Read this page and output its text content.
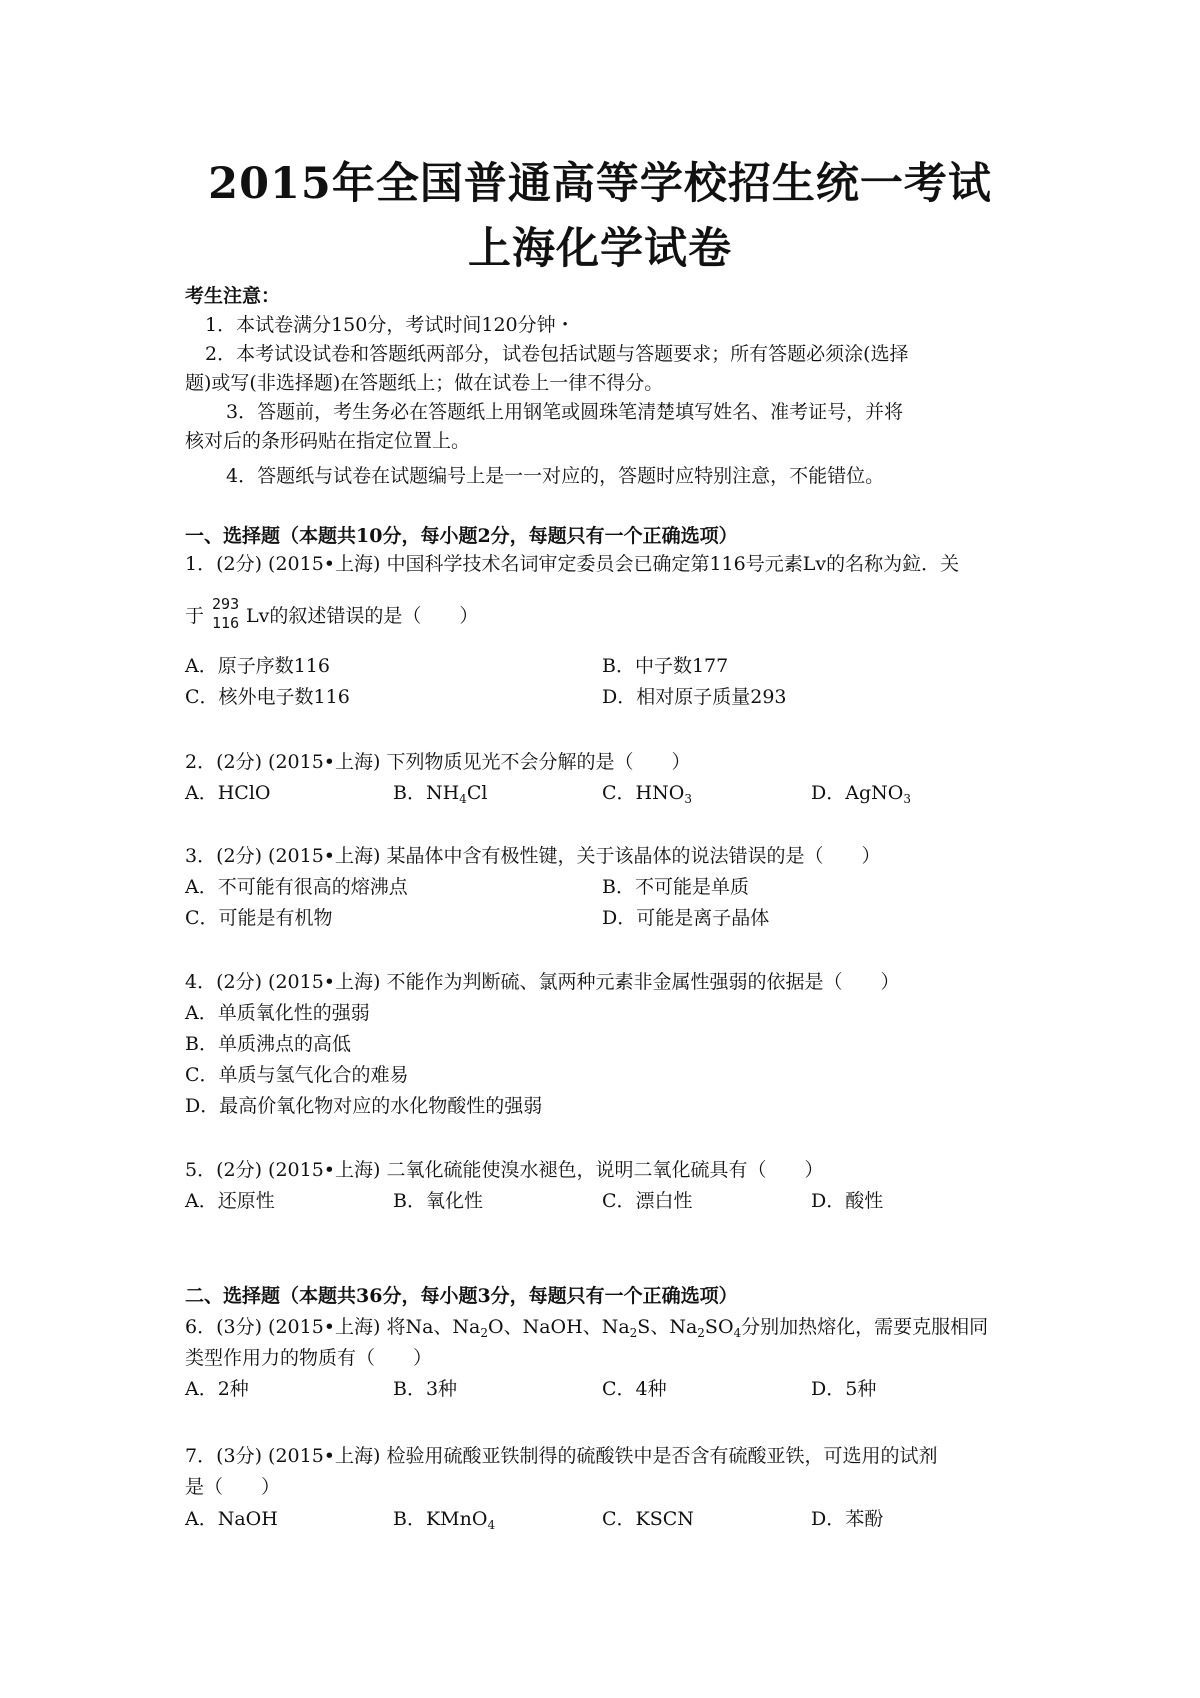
2015年全国普通高等学校招生统一考试
上海化学试卷
考生注意：
1．本试卷满分150分，考试时间120分钟・
2．本考试设试卷和答题纸两部分，试卷包括试题与答题要求；所有答题必须涂(选择
题)或写(非选择题)在答题纸上；做在试卷上一律不得分。
3．答题前，考生务必在答题纸上用钢笔或圆珠笔清楚填写姓名、准考证号，并将
核对后的条形码贴在指定位置上。
4．答题纸与试卷在试题编号上是一一对应的，答题时应特别注意，不能错位。
一、选择题（本题共10分，每小题2分，每题只有一个正确选项）
1．(2分) (2015•上海) 中国科学技术名词审定委员会已确定第116号元素Lv的名称为鉝．关
于
293
116 Lv的叙述错误的是（　　）
A．原子序数116	B．中子数177
C．核外电子数116	D．相对原子质量293
2．(2分) (2015•上海) 下列物质见光不会分解的是（　　）
A．HClO	B．$NH_4Cl$	C．$HNO_3$	D．AgNO$_3$
3．(2分) (2015•上海) 某晶体中含有极性键，关于该晶体的说法错误的是（　　）
A．不可能有很高的熔沸点	B．不可能是单质
C．可能是有机物	D．可能是离子晶体
4．(2分) (2015•上海) 不能作为判断硫、氯两种元素非金属性强弱的依据是（　　）
A．单质氧化性的强弱
B．单质沸点的高低
C．单质与氢气化合的难易
D．最高价氧化物对应的水化物酸性的强弱
5．(2分) (2015•上海) 二氧化硫能使溴水褪色，说明二氧化硫具有（　　）
A．还原性	B．氧化性	C．漂白性	D．酸性
二、选择题（本题共36分，每小题3分，每题只有一个正确选项）
6．(3分) (2015•上海) 将Na、$Na_2O$、NaOH、$Na_2S$、$Na_2SO_4$分别加热熔化，需要克服相同
类型作用力的物质有（　　）
A．2种	B．3种	C．4种	D．5种
7．(3分) (2015•上海) 检验用硫酸亚铁制得的硫酸铁中是否含有硫酸亚铁，可选用的试剂
是（　　）
A．NaOH	B．KMnO$_4$	C．KSCN	D．苯酚
